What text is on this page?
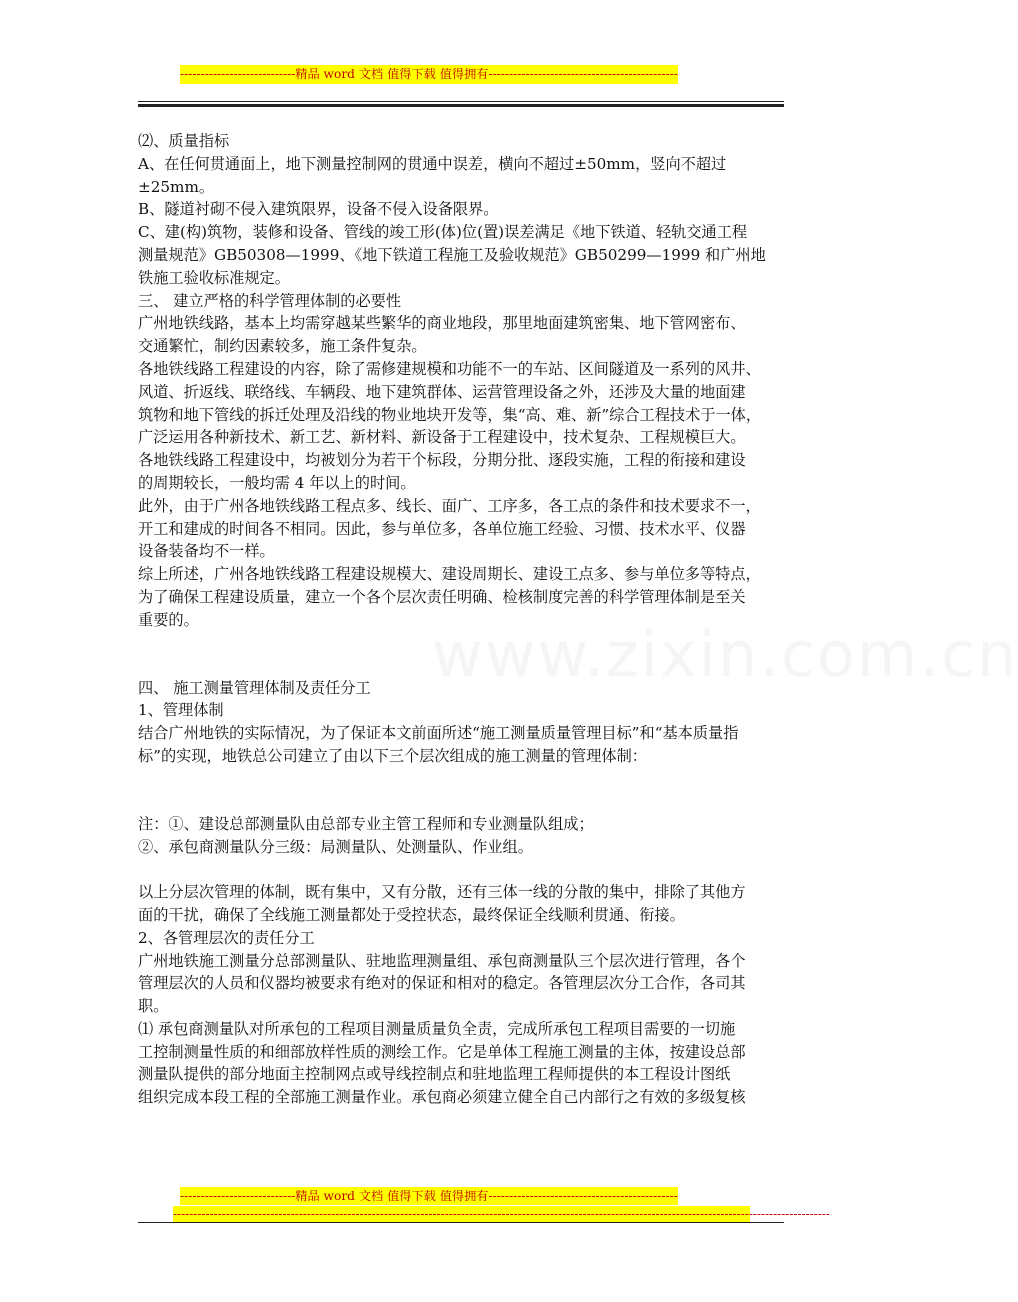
----------------------------精品 word 文档 值得下载 值得拥有----------------------------------------------
www.zixin.com.cn

⑵、质量指标

A、在任何贯通面上，地下测量控制网的贯通中误差，横向不超过±50mm，竖向不超过

±25mm。

B、隧道衬砌不侵入建筑限界，设备不侵入设备限界。

C、建(构)筑物，装修和设备、管线的竣工形(体)位(置)误差满足《地下铁道、轻轨交通工程

测量规范》GB50308—1999、《地下铁道工程施工及验收规范》GB50299—1999 和广州地

铁施工验收标准规定。

三、 建立严格的科学管理体制的必要性

广州地铁线路，基本上均需穿越某些繁华的商业地段，那里地面建筑密集、地下管网密布、

交通繁忙，制约因素较多，施工条件复杂。

各地铁线路工程建设的内容，除了需修建规模和功能不一的车站、区间隧道及一系列的风井、

风道、折返线、联络线、车辆段、地下建筑群体、运营管理设备之外，还涉及大量的地面建

筑物和地下管线的拆迁处理及沿线的物业地块开发等，集“高、难、新”综合工程技术于一体，

广泛运用各种新技术、新工艺、新材料、新设备于工程建设中，技术复杂、工程规模巨大。

各地铁线路工程建设中，均被划分为若干个标段，分期分批、逐段实施，工程的衔接和建设

的周期较长，一般均需 4 年以上的时间。

此外，由于广州各地铁线路工程点多、线长、面广、工序多，各工点的条件和技术要求不一，

开工和建成的时间各不相同。因此，参与单位多，各单位施工经验、习惯、技术水平、仪器

设备装备均不一样。

综上所述，广州各地铁线路工程建设规模大、建设周期长、建设工点多、参与单位多等特点，

为了确保工程建设质量，建立一个各个层次责任明确、检核制度完善的科学管理体制是至关

重要的。

四、 施工测量管理体制及责任分工

1、管理体制

结合广州地铁的实际情况，为了保证本文前面所述“施工测量质量管理目标”和“基本质量指

标”的实现，地铁总公司建立了由以下三个层次组成的施工测量的管理体制：

注：①、建设总部测量队由总部专业主管工程师和专业测量队组成；

②、承包商测量队分三级：局测量队、处测量队、作业组。

以上分层次管理的体制，既有集中，又有分散，还有三体一线的分散的集中，排除了其他方

面的干扰，确保了全线施工测量都处于受控状态，最终保证全线顺利贯通、衔接。

2、各管理层次的责任分工

广州地铁施工测量分总部测量队、驻地监理测量组、承包商测量队三个层次进行管理，各个

管理层次的人员和仪器均被要求有绝对的保证和相对的稳定。各管理层次分工合作，各司其

职。

⑴ 承包商测量队对所承包的工程项目测量质量负全责，完成所承包工程项目需要的一切施

工控制测量性质的和细部放样性质的测绘工作。它是单体工程施工测量的主体，按建设总部

测量队提供的部分地面主控制网点或导线控制点和驻地监理工程师提供的本工程设计图纸

组织完成本段工程的全部施工测量作业。承包商必须建立健全自己内部行之有效的多级复核

----------------------------精品 word 文档 值得下载 值得拥有----------------------------------------------
------------------------------------------------------------------------------------------------------------------------------------------------------------------
